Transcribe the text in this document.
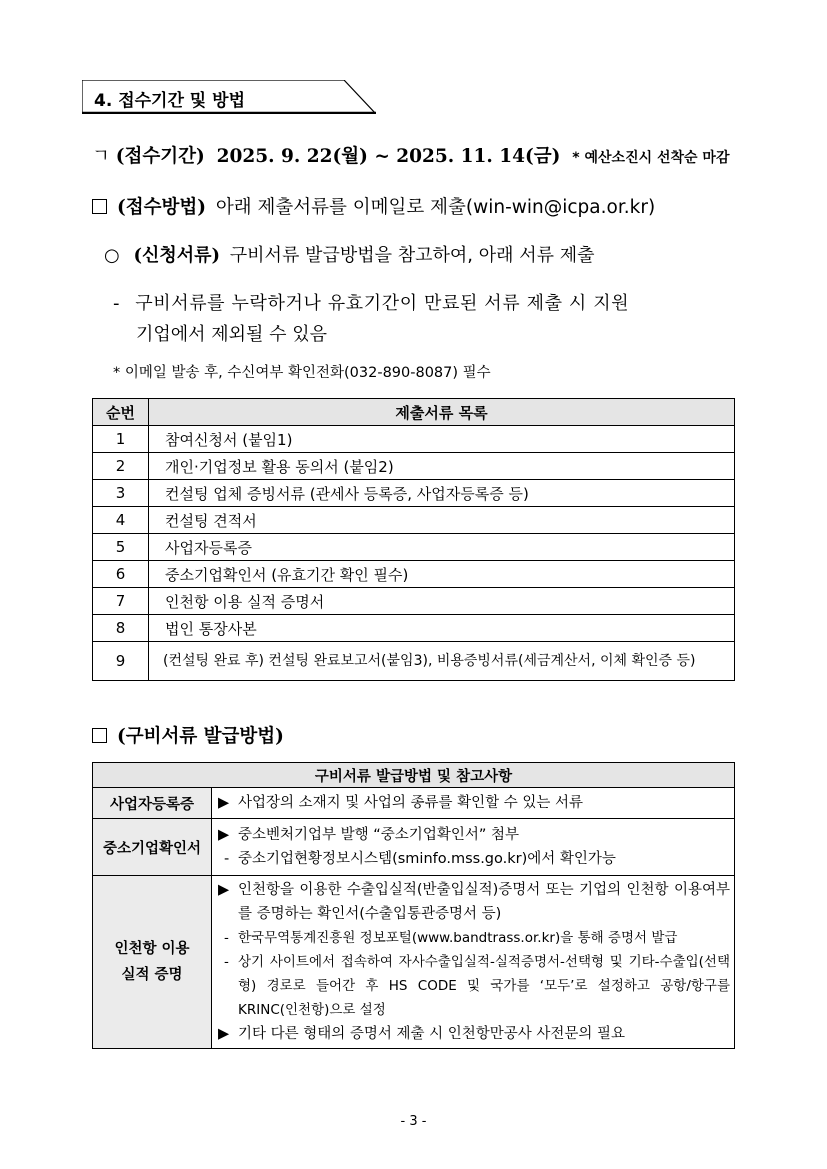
4. 접수기간 및 방법
ㄱ (접수기간) 2025. 9. 22(월) ~ 2025. 11. 14(금) * 예산소진시 선착순 마감
(접수방법) 아래 제출서류를 이메일로 제출(win-win@icpa.or.kr)
○ (신청서류) 구비서류 발급방법을 참고하여, 아래 서류 제출
- 구비서류를 누락하거나 유효기간이 만료된 서류 제출 시 지원
기업에서 제외될 수 있음
* 이메일 발송 후, 수신여부 확인전화(032-890-8087) 필수
순번	제출서류 목록
1	참여신청서 (붙임1)
2	개인·기업정보 활용 동의서 (붙임2)
3	컨설팅 업체 증빙서류 (관세사 등록증, 사업자등록증 등)
4	컨설팅 견적서
5	사업자등록증
6	중소기업확인서 (유효기간 확인 필수)
7	인천항 이용 실적 증명서
8	법인 통장사본
9	(컨설팅 완료 후) 컨설팅 완료보고서(붙임3), 비용증빙서류(세금계산서, 이체 확인증 등)
(구비서류 발급방법)
구비서류 발급방법 및 참고사항	
사업자등록증	▶ 사업장의 소재지 및 사업의 종류를 확인할 수 있는 서류

중소기업확인서	▶ 중소벤처기업부 발행 “중소기업확인서” 첨부
- 중소기업현황정보시스템(sminfo.mss.go.kr)에서 확인가능

인천항 이용
실적 증명	▶ 인천항을 이용한 수출입실적(반출입실적)증명서 또는 기업의 인천항 이용여부를 증명하는 확인서(수출입통관증명서 등)
- 한국무역통계진흥원 정보포털(www.bandtrass.or.kr)을 통해 증명서 발급
- 상기 사이트에서 접속하여 자사수출입실적-실적증명서-선택형 및 기타-수출입(선택형) 경로로 들어간 후 HS CODE 및 국가를 ‘모두’로 설정하고 공항/항구를 KRINC(인천항)으로 설정
▶ 기타 다른 형태의 증명서 제출 시 인천항만공사 사전문의 필요
- 3 -
